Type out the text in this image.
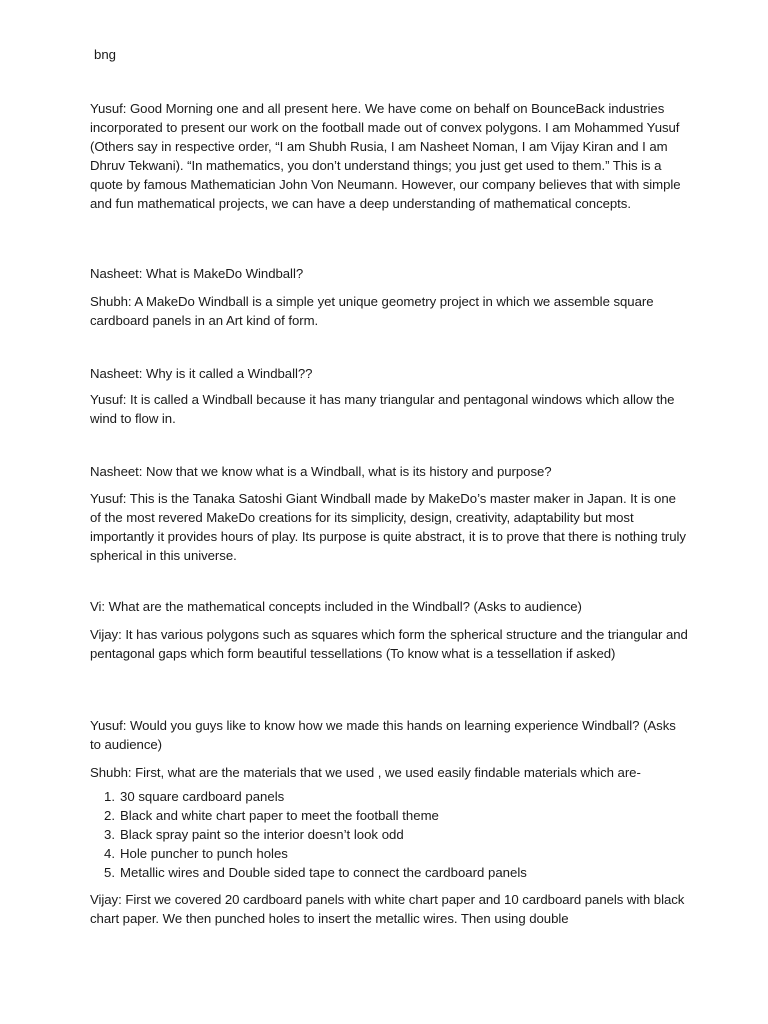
bng

Yusuf: Good Morning one and all present here. We have come on behalf on BounceBack industries incorporated to present our work on the football made out of convex polygons. I am Mohammed Yusuf (Others say in respective order, “I am Shubh Rusia, I am Nasheet Noman, I am Vijay Kiran and I am Dhruv Tekwani). “In mathematics, you don’t understand things; you just get used to them.” This is a quote by famous Mathematician John Von Neumann. However, our company believes that with simple and fun mathematical projects, we can have a deep understanding of mathematical concepts.

Nasheet: What is MakeDo Windball?

Shubh: A MakeDo Windball is a simple yet unique geometry project in which we assemble square cardboard panels in an Art kind of form.

Nasheet: Why is it called a Windball??

Yusuf: It is called a Windball because it has many triangular and pentagonal windows which allow the wind to flow in.

Nasheet: Now that we know what is a Windball, what is its history and purpose?

Yusuf: This is the Tanaka Satoshi Giant Windball made by MakeDo’s master maker in Japan. It is one of the most revered MakeDo creations for its simplicity, design, creativity, adaptability but most importantly it provides hours of play. Its purpose is quite abstract, it is to prove that there is nothing truly spherical in this universe.

Vi: What are the mathematical concepts included in the Windball? (Asks to audience)

Vijay: It has various polygons such as squares which form the spherical structure and the triangular and pentagonal gaps which form beautiful tessellations (To know what is a tessellation if asked)

Yusuf: Would you guys like to know how we made this hands on learning experience Windball? (Asks to audience)

Shubh: First, what are the materials that we used , we used easily findable materials which are-

1. 30 square cardboard panels
2. Black and white chart paper to meet the football theme
3. Black spray paint so the interior doesn’t look odd
4. Hole puncher to punch holes
5. Metallic wires and Double sided tape to connect the cardboard panels

Vijay: First we covered 20 cardboard panels with white chart paper and 10 cardboard panels with black chart paper. We then punched holes to insert the metallic wires. Then using double
